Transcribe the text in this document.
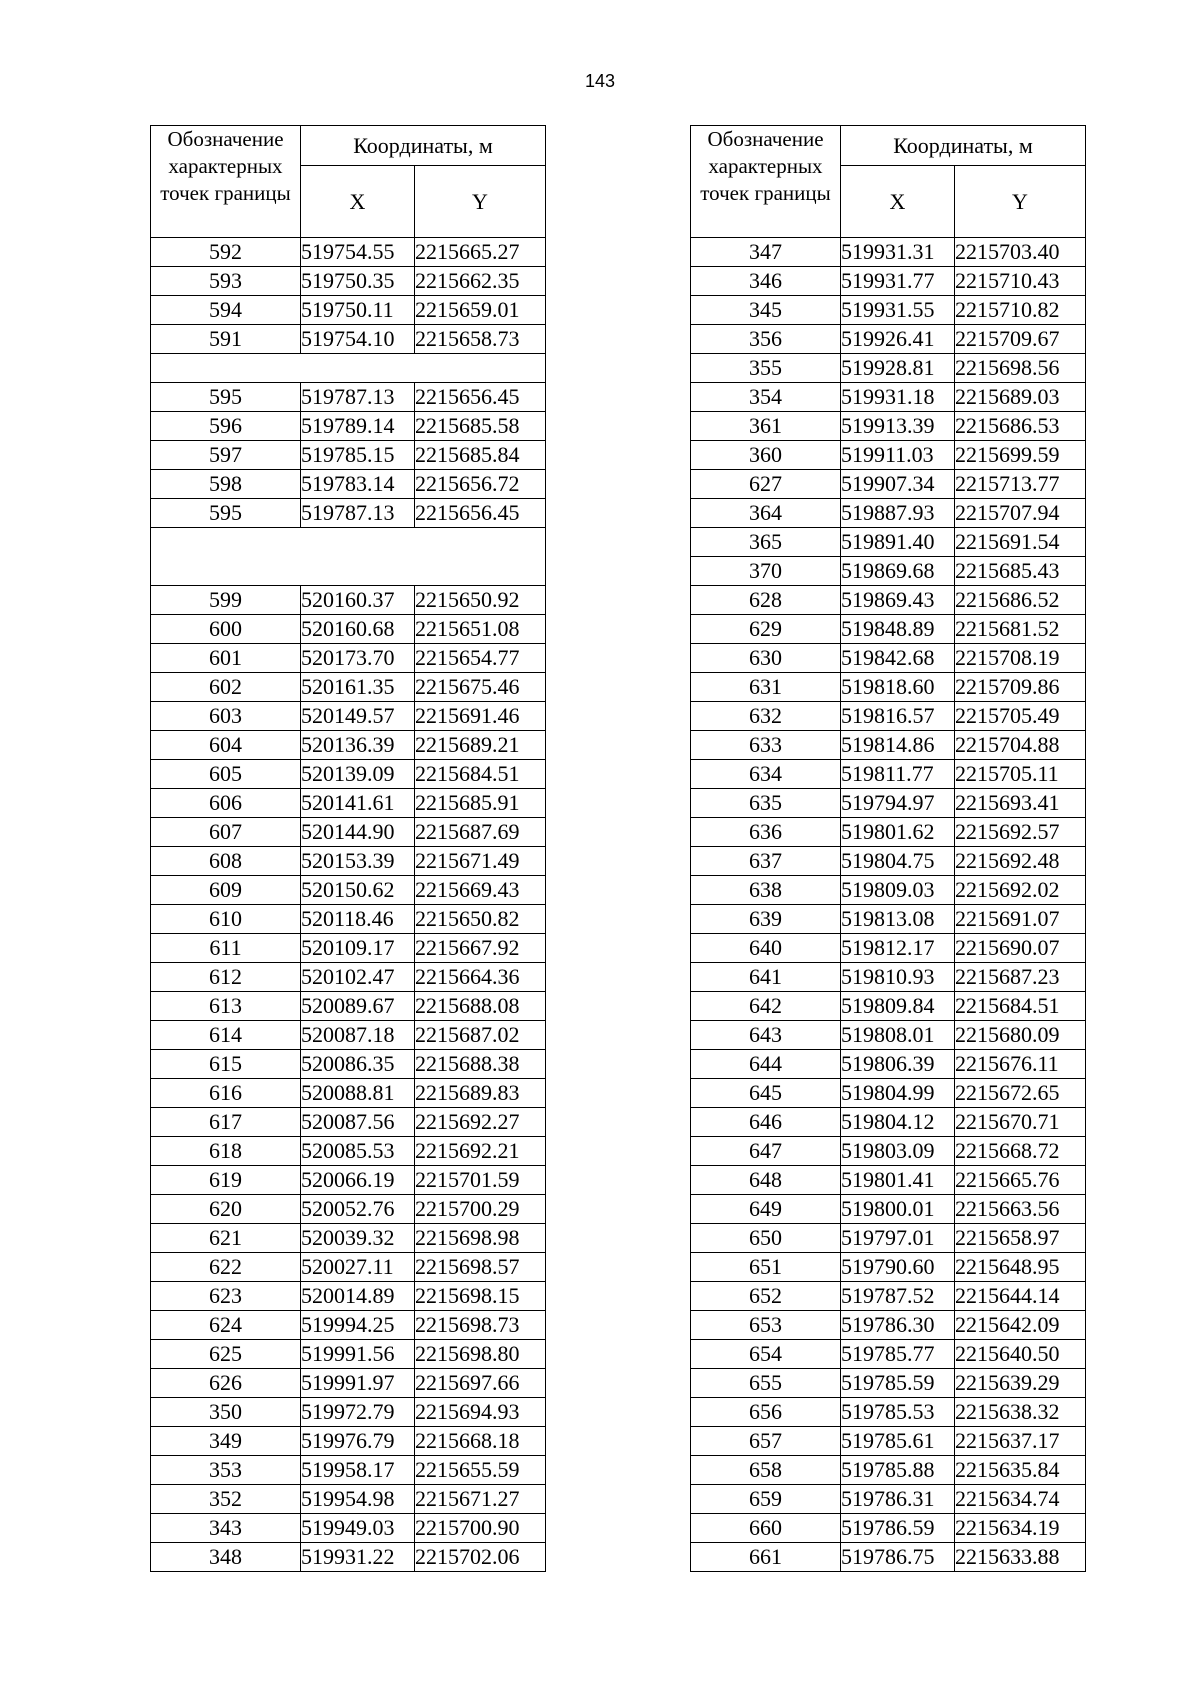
143
Обозначение характерных точек границы	Координаты, м	
	X	Y
592	519754.55	2215665.27
593	519750.35	2215662.35
594	519750.11	2215659.01
591	519754.10	2215658.73

595	519787.13	2215656.45
596	519789.14	2215685.58
597	519785.15	2215685.84
598	519783.14	2215656.72
595	519787.13	2215656.45

599	520160.37	2215650.92
600	520160.68	2215651.08
601	520173.70	2215654.77
602	520161.35	2215675.46
603	520149.57	2215691.46
604	520136.39	2215689.21
605	520139.09	2215684.51
606	520141.61	2215685.91
607	520144.90	2215687.69
608	520153.39	2215671.49
609	520150.62	2215669.43
610	520118.46	2215650.82
611	520109.17	2215667.92
612	520102.47	2215664.36
613	520089.67	2215688.08
614	520087.18	2215687.02
615	520086.35	2215688.38
616	520088.81	2215689.83
617	520087.56	2215692.27
618	520085.53	2215692.21
619	520066.19	2215701.59
620	520052.76	2215700.29
621	520039.32	2215698.98
622	520027.11	2215698.57
623	520014.89	2215698.15
624	519994.25	2215698.73
625	519991.56	2215698.80
626	519991.97	2215697.66
350	519972.79	2215694.93
349	519976.79	2215668.18
353	519958.17	2215655.59
352	519954.98	2215671.27
343	519949.03	2215700.90
348	519931.22	2215702.06
Обозначение характерных точек границы	Координаты, м	
	X	Y
347	519931.31	2215703.40
346	519931.77	2215710.43
345	519931.55	2215710.82
356	519926.41	2215709.67
355	519928.81	2215698.56
354	519931.18	2215689.03
361	519913.39	2215686.53
360	519911.03	2215699.59
627	519907.34	2215713.77
364	519887.93	2215707.94
365	519891.40	2215691.54
370	519869.68	2215685.43
628	519869.43	2215686.52
629	519848.89	2215681.52
630	519842.68	2215708.19
631	519818.60	2215709.86
632	519816.57	2215705.49
633	519814.86	2215704.88
634	519811.77	2215705.11
635	519794.97	2215693.41
636	519801.62	2215692.57
637	519804.75	2215692.48
638	519809.03	2215692.02
639	519813.08	2215691.07
640	519812.17	2215690.07
641	519810.93	2215687.23
642	519809.84	2215684.51
643	519808.01	2215680.09
644	519806.39	2215676.11
645	519804.99	2215672.65
646	519804.12	2215670.71
647	519803.09	2215668.72
648	519801.41	2215665.76
649	519800.01	2215663.56
650	519797.01	2215658.97
651	519790.60	2215648.95
652	519787.52	2215644.14
653	519786.30	2215642.09
654	519785.77	2215640.50
655	519785.59	2215639.29
656	519785.53	2215638.32
657	519785.61	2215637.17
658	519785.88	2215635.84
659	519786.31	2215634.74
660	519786.59	2215634.19
661	519786.75	2215633.88
